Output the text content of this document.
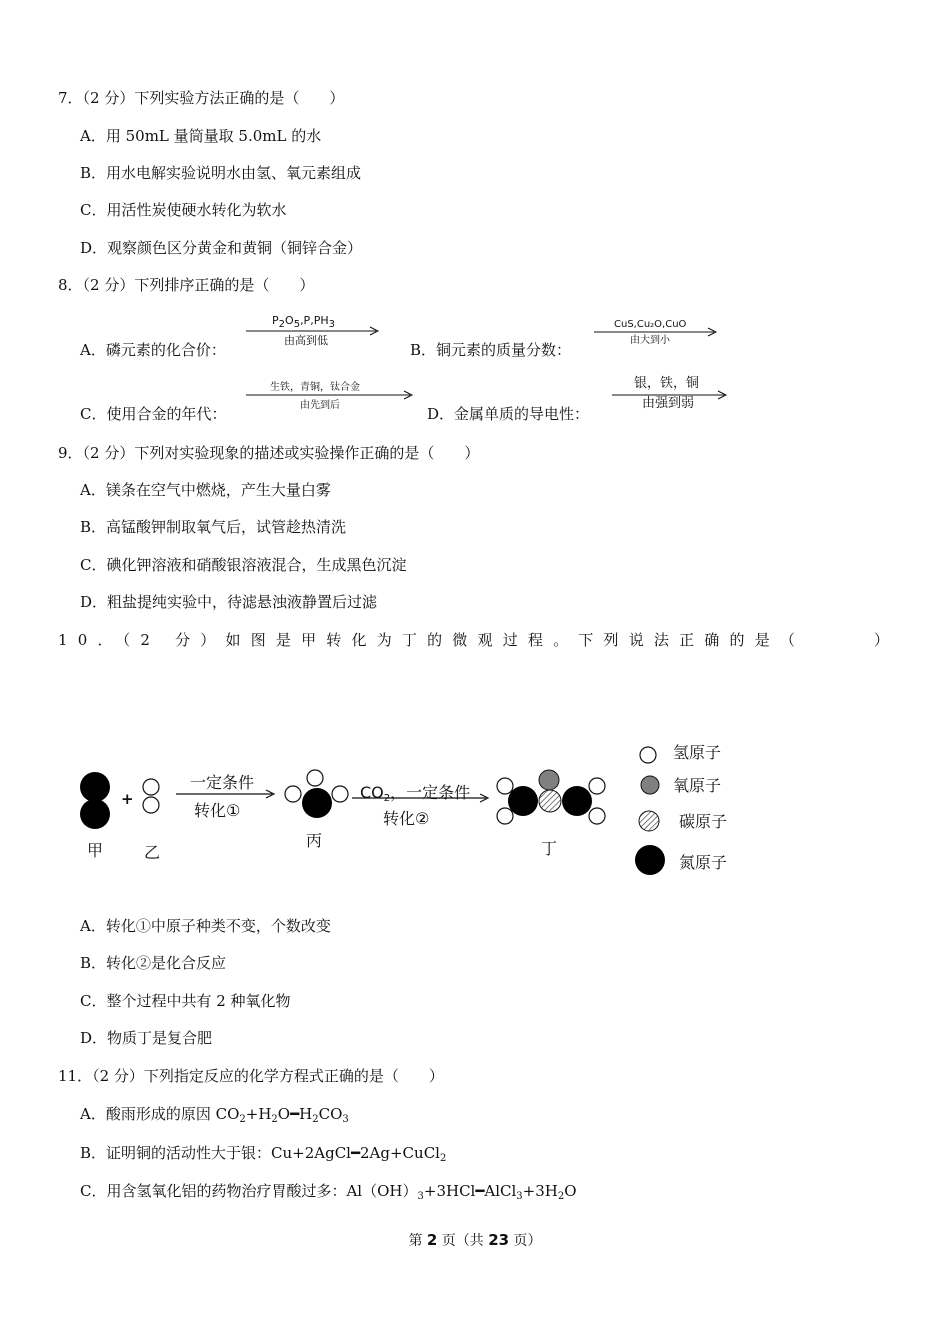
7．（2 分）下列实验方法正确的是（　　）
A．用 50mL 量筒量取 5.0mL 的水
B．用水电解实验说明水由氢、氧元素组成
C．用活性炭使硬水转化为软水
D．观察颜色区分黄金和黄铜（铜锌合金）
8．（2 分）下列排序正确的是（　　）
A．磷元素的化合价：
P2O5,P,PH3
由高到低
B．铜元素的质量分数：
CuS,Cu₂O,CuO
由大到小
C．使用合金的年代：
生铁，青铜，钛合金
由先到后	D．金属单质的导电性：
银，铁，铜
由强到弱
9．（2 分）下列对实验现象的描述或实验操作正确的是（　　）
A．镁条在空气中燃烧，产生大量白雾
B．高锰酸钾制取氧气后，试管趁热清洗
C．碘化钾溶液和硝酸银溶液混合，生成黑色沉淀
D．粗盐提纯实验中，待滤悬浊液静置后过滤
10．（2 分）如图是甲转化为丁的微观过程。下列说法正确的是（	）
甲	乙
+
一定条件
转化①
丙
$CO_2$，一定条件
转化②
丁
氢原子
氧原子
碳原子
氮原子
A．转化①中原子种类不变，个数改变
B．转化②是化合反应
C．整个过程中共有 2 种氧化物
D．物质丁是复合肥
11．（2 分）下列指定反应的化学方程式正确的是（　　）
A．酸雨形成的原因 $CO_2+H_2O━H_2CO_3$
B．证明铜的活动性大于银：Cu+2AgCl━2Ag+CuCl$_2$
C．用含氢氧化铝的药物治疗胃酸过多：$Al(OH)_3+3HCl━AlCl_3+3H_2O$
第 2 页（共 23 页）
